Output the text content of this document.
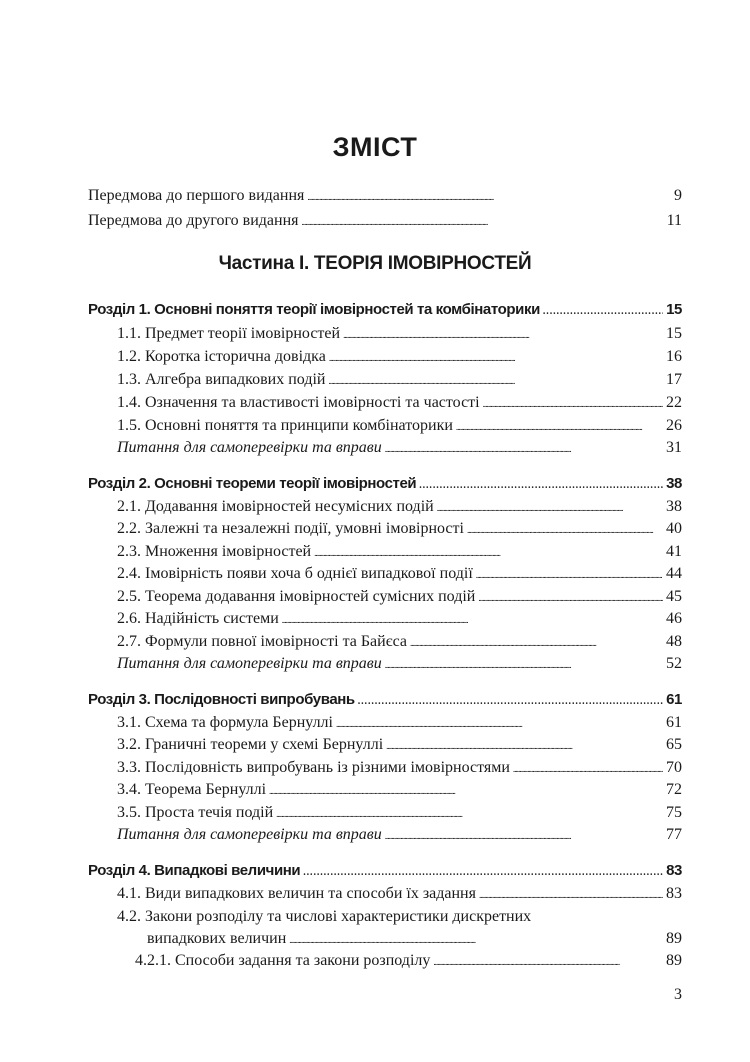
ЗМІСТ
Передмова до першого видання . . .	9
Передмова до другого видання . . .	11
Частина I. ТЕОРІЯ ІМОВІРНОСТЕЙ
Розділ 1. Основні поняття теорії імовірностей та комбінаторики . . .	15
1.1. Предмет теорії імовірностей . . .	15
1.2. Коротка історична довідка . . .	16
1.3. Алгебра випадкових подій . . .	17
1.4. Означення та властивості імовірності та частості . . .	22
1.5. Основні поняття та принципи комбінаторики . . .	26
Питання для самоперевірки та вправи . . .	31
Розділ 2. Основні теореми теорії імовірностей . . .	38
2.1. Додавання імовірностей несумісних подій . . .	38
2.2. Залежні та незалежні події, умовні імовірності . . .	40
2.3. Множення імовірностей . . .	41
2.4. Імовірність появи хоча б однієї випадкової події . . .	44
2.5. Теорема додавання імовірностей сумісних подій . . .	45
2.6. Надійність системи . . .	46
2.7. Формули повної імовірності та Байєса . . .	48
Питання для самоперевірки та вправи . . .	52
Розділ 3. Послідовності випробувань . . .	61
3.1. Схема та формула Бернуллі . . .	61
3.2. Граничні теореми у схемі Бернуллі . . .	65
3.3. Послідовність випробувань із різними імовірностями . . .	70
3.4. Теорема Бернуллі . . .	72
3.5. Проста течія подій . . .	75
Питання для самоперевірки та вправи . . .	77
Розділ 4. Випадкові величини . . .	83
4.1. Види випадкових величин та способи їх задання . . .	83
4.2. Закони розподілу та числові характеристики дискретних
випадкових величин . . .	89
4.2.1. Способи задання та закони розподілу . . .	89
3
